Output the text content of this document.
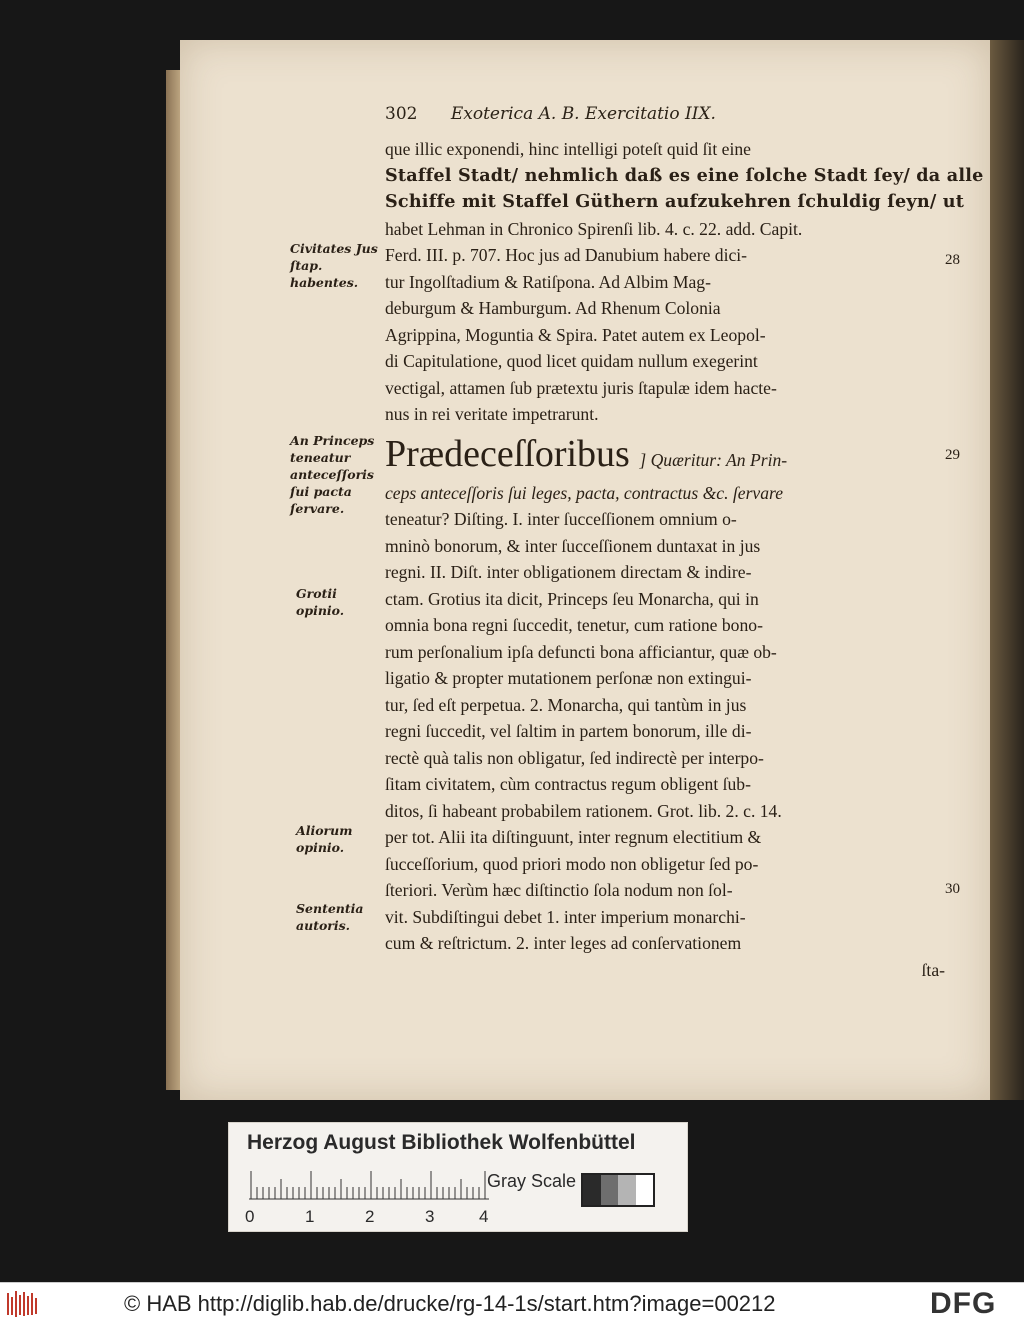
302 Exoterica A. B. Exercitatio IIX.
que illic exponendi, hinc intelligi poteſt quid ſit eine
Staffel Stadt/ nehmlich daß es eine ſolche Stadt ſey/ da alle
Schiffe mit Staffel Güthern aufzukehren ſchuldig ſeyn/ ut
habet Lehman in Chronico Spirenſi lib. 4. c. 22. add. Capit.
Ferd. III. p. 707. Hoc jus ad Danubium habere dici-
tur Ingolſtadium & Ratiſpona. Ad Albim Mag-
deburgum & Hamburgum. Ad Rhenum Colonia
Agrippina, Moguntia & Spira. Patet autem ex Leopol-
di Capitulatione, quod licet quidam nullum exegerint
vectigal, attamen ſub prætextu juris ſtapulæ idem hacte-
nus in rei veritate impetrarunt.
Prædeceſſoribus ] Quæritur: An Prin-
ceps anteceſſoris ſui leges, pacta, contractus &c. ſervare
teneatur? Diſting. I. inter ſucceſſionem omnium o-
mninò bonorum, & inter ſucceſſionem duntaxat in jus
regni. II. Diſt. inter obligationem directam & indire-
ctam. Grotius ita dicit, Princeps ſeu Monarcha, qui in
omnia bona regni ſuccedit, tenetur, cum ratione bono-
rum perſonalium ipſa defuncti bona afficiantur, quæ ob-
ligatio & propter mutationem perſonæ non extingui-
tur, ſed eſt perpetua. 2. Monarcha, qui tantùm in jus
regni ſuccedit, vel ſaltim in partem bonorum, ille di-
rectè quà talis non obligatur, ſed indirectè per interpo-
ſitam civitatem, cùm contractus regum obligent ſub-
ditos, ſi habeant probabilem rationem. Grot. lib. 2. c. 14.
per tot. Alii ita diſtinguunt, inter regnum electitium &
ſucceſſorium, quod priori modo non obligetur ſed po-
ſteriori. Verùm hæc diſtinctio ſola nodum non ſol-
vit. Subdiſtingui debet 1. inter imperium monarchi-
cum & reſtrictum. 2. inter leges ad conſervationem
ſta-
Civitates Jus ſtap. habentes.
An Princeps teneatur anteceſſoris ſui pacta ſervare.
Grotii opinio.
Aliorum opinio.
Sententia autoris.
28
29
30
Herzog August Bibliothek Wolfenbüttel
0	1	2	3	4
Gray Scale
© HAB http://diglib.hab.de/drucke/rg-14-1s/start.htm?image=00212	DFG
